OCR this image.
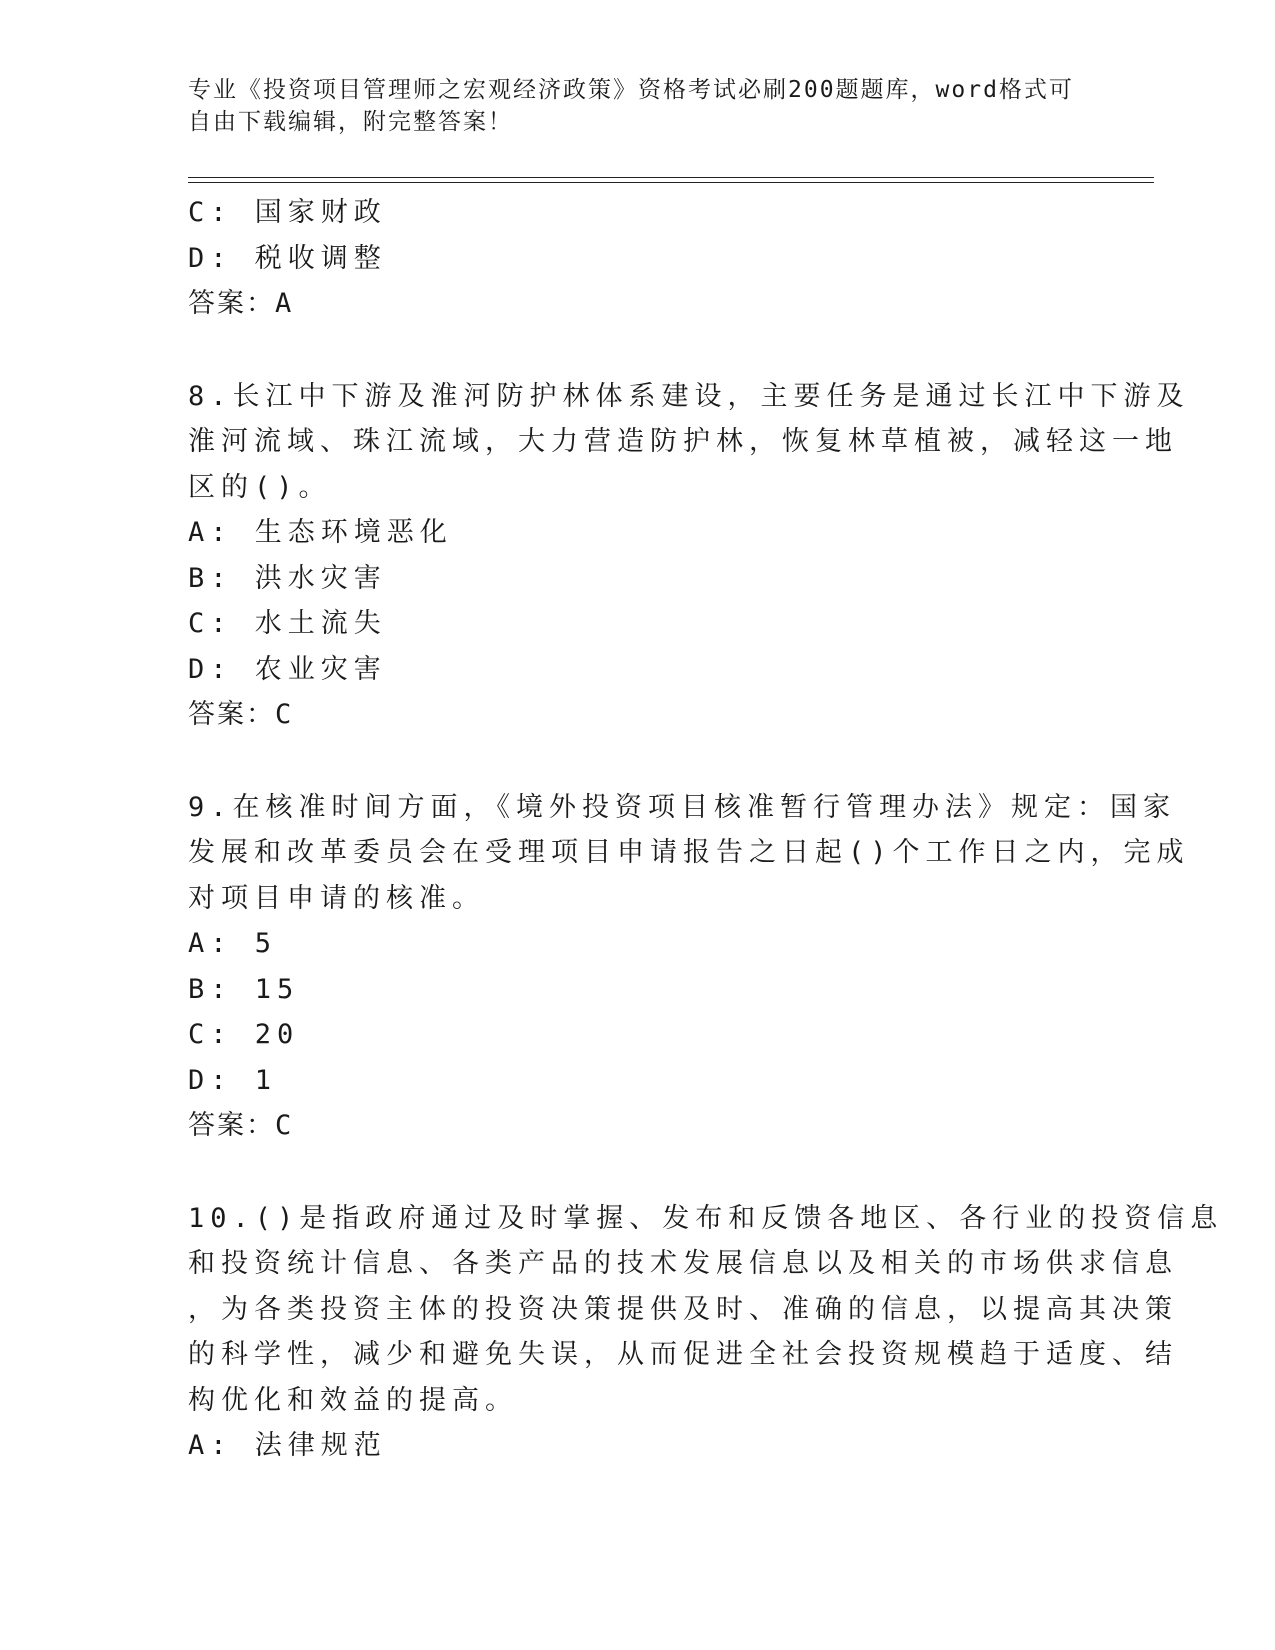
专业《投资项目管理师之宏观经济政策》资格考试必刷200题题库，word格式可
自由下载编辑，附完整答案！
C: 国家财政
D: 税收调整
答案：A
8.长江中下游及淮河防护林体系建设，主要任务是通过长江中下游及
淮河流域、珠江流域，大力营造防护林，恢复林草植被，减轻这一地
区的()。
A: 生态环境恶化
B: 洪水灾害
C: 水土流失
D: 农业灾害
答案：C
9.在核准时间方面，《境外投资项目核准暂行管理办法》规定：国家
发展和改革委员会在受理项目申请报告之日起()个工作日之内，完成
对项目申请的核准。
A: 5
B: 15
C: 20
D: 1
答案：C
10.()是指政府通过及时掌握、发布和反馈各地区、各行业的投资信息
和投资统计信息、各类产品的技术发展信息以及相关的市场供求信息
，为各类投资主体的投资决策提供及时、准确的信息，以提高其决策
的科学性，减少和避免失误，从而促进全社会投资规模趋于适度、结
构优化和效益的提高。
A: 法律规范
